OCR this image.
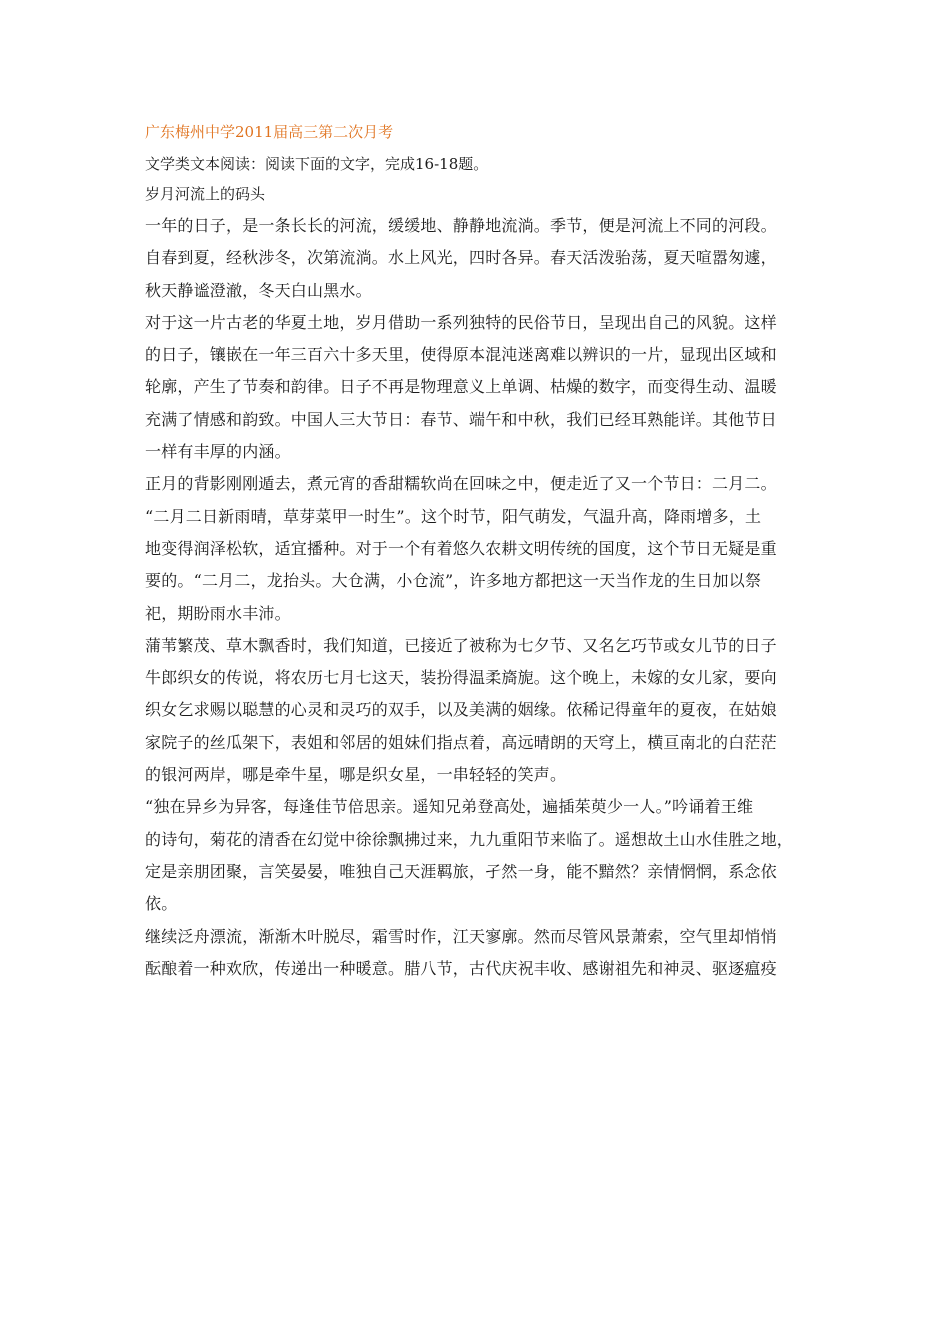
广东梅州中学2011届高三第二次月考
文学类文本阅读：阅读下面的文字，完成16-18题。
岁月河流上的码头
一年的日子，是一条长长的河流，缓缓地、静静地流淌。季节，便是河流上不同的河段。
自春到夏，经秋涉冬，次第流淌。水上风光，四时各异。春天活泼骀荡，夏天喧嚣匆遽，
秋天静谧澄澈，冬天白山黑水。
对于这一片古老的华夏土地，岁月借助一系列独特的民俗节日，呈现出自己的风貌。这样
的日子，镶嵌在一年三百六十多天里，使得原本混沌迷离难以辨识的一片，显现出区域和
轮廓，产生了节奏和韵律。日子不再是物理意义上单调、枯燥的数字，而变得生动、温暖
充满了情感和韵致。中国人三大节日：春节、端午和中秋，我们已经耳熟能详。其他节日
一样有丰厚的内涵。
正月的背影刚刚遁去，煮元宵的香甜糯软尚在回味之中，便走近了又一个节日：二月二。
“二月二日新雨晴，草芽菜甲一时生”。这个时节，阳气萌发，气温升高，降雨增多，土
地变得润泽松软，适宜播种。对于一个有着悠久农耕文明传统的国度，这个节日无疑是重
要的。“二月二，龙抬头。大仓满，小仓流”，许多地方都把这一天当作龙的生日加以祭
祀，期盼雨水丰沛。
蒲苇繁茂、草木飘香时，我们知道，已接近了被称为七夕节、又名乞巧节或女儿节的日子
牛郎织女的传说，将农历七月七这天，装扮得温柔旖旎。这个晚上，未嫁的女儿家，要向
织女乞求赐以聪慧的心灵和灵巧的双手，以及美满的姻缘。依稀记得童年的夏夜，在姑娘
家院子的丝瓜架下，表姐和邻居的姐妹们指点着，高远晴朗的天穹上，横亘南北的白茫茫
的银河两岸，哪是牵牛星，哪是织女星，一串轻轻的笑声。
“独在异乡为异客，每逢佳节倍思亲。遥知兄弟登高处，遍插茱萸少一人。”吟诵着王维
的诗句，菊花的清香在幻觉中徐徐飘拂过来，九九重阳节来临了。遥想故土山水佳胜之地，
定是亲朋团聚，言笑晏晏，唯独自己天涯羁旅，孑然一身，能不黯然？亲情惘惘，系念依
依。
继续泛舟漂流，渐渐木叶脱尽，霜雪时作，江天寥廓。然而尽管风景萧索，空气里却悄悄
酝酿着一种欢欣，传递出一种暖意。腊八节，古代庆祝丰收、感谢祖先和神灵、驱逐瘟疫
